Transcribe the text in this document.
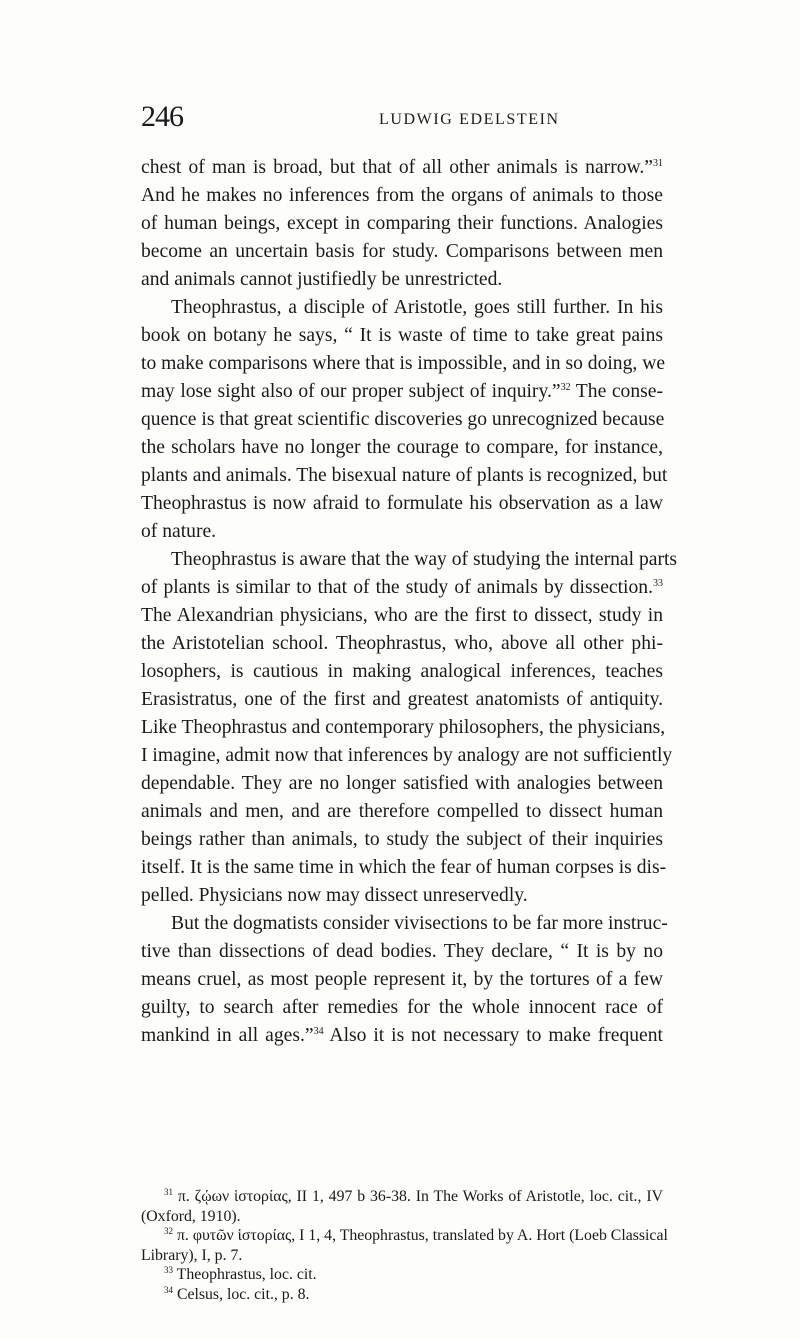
246	LUDWIG EDELSTEIN
chest of man is broad, but that of all other animals is narrow.”$^{31}$
And he makes no inferences from the organs of animals to those
of human beings, except in comparing their functions. Analogies
become an uncertain basis for study. Comparisons between men
and animals cannot justifiedly be unrestricted.
Theophrastus, a disciple of Aristotle, goes still further. In his
book on botany he says, “ It is waste of time to take great pains
to make comparisons where that is impossible, and in so doing, we
may lose sight also of our proper subject of inquiry.”$^{32}$ The conse-
quence is that great scientific discoveries go unrecognized because
the scholars have no longer the courage to compare, for instance,
plants and animals. The bisexual nature of plants is recognized, but
Theophrastus is now afraid to formulate his observation as a law
of nature.
Theophrastus is aware that the way of studying the internal parts
of plants is similar to that of the study of animals by dissection.$^{33}$
The Alexandrian physicians, who are the first to dissect, study in
the Aristotelian school. Theophrastus, who, above all other phi-
losophers, is cautious in making analogical inferences, teaches
Erasistratus, one of the first and greatest anatomists of antiquity.
Like Theophrastus and contemporary philosophers, the physicians,
I imagine, admit now that inferences by analogy are not sufficiently
dependable. They are no longer satisfied with analogies between
animals and men, and are therefore compelled to dissect human
beings rather than animals, to study the subject of their inquiries
itself. It is the same time in which the fear of human corpses is dis-
pelled. Physicians now may dissect unreservedly.
But the dogmatists consider vivisections to be far more instruc-
tive than dissections of dead bodies. They declare, “ It is by no
means cruel, as most people represent it, by the tortures of a few
guilty, to search after remedies for the whole innocent race of
mankind in all ages.”$^{34}$ Also it is not necessary to make frequent
$^{31}$ π. ζῴων ἱστορίας, II 1, 497 b 36-38. In The Works of Aristotle, loc. cit., IV
(Oxford, 1910).
$^{32}$ π. φυτῶν ἱστορίας, I 1, 4, Theophrastus, translated by A. Hort (Loeb Classical
Library), I, p. 7.
$^{33}$ Theophrastus, loc. cit.
$^{34}$ Celsus, loc. cit., p. 8.
